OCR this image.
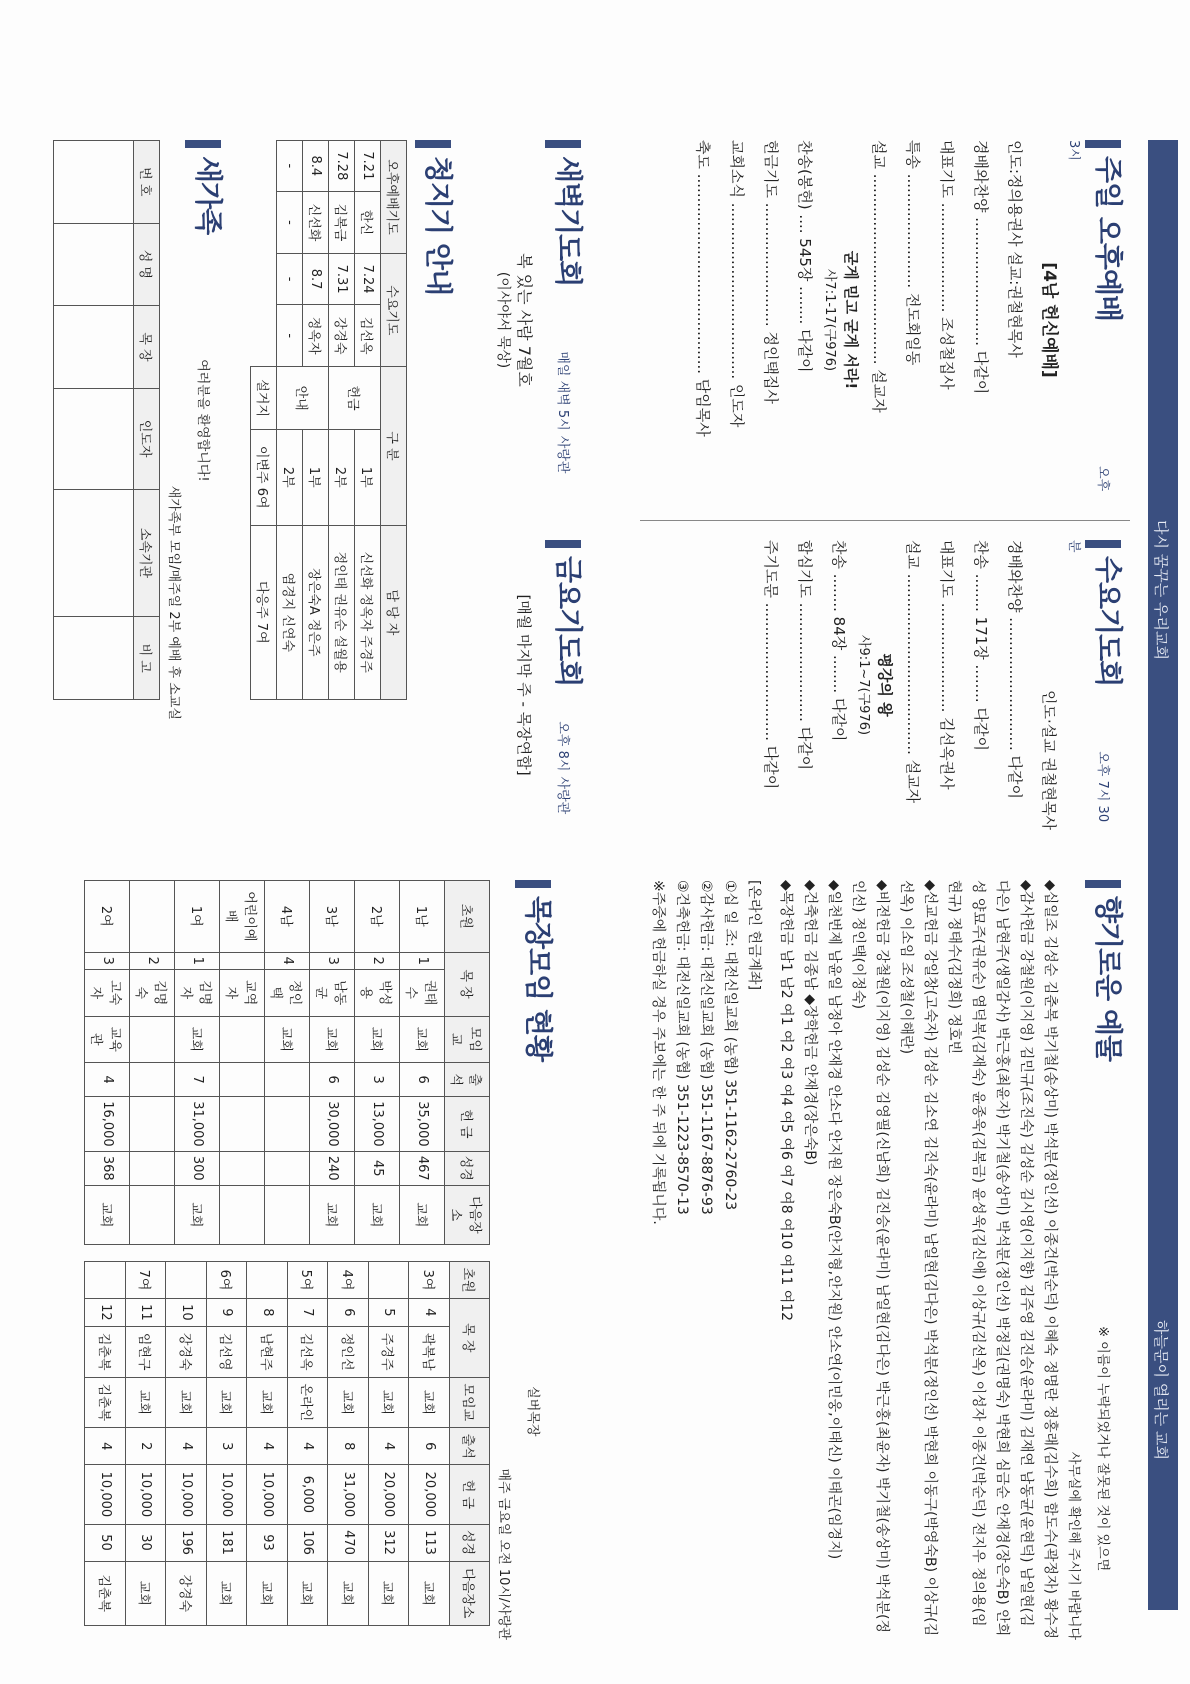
다시 꿈꾸는 우리교회
하늘문이 열리는 교회
주일 오후예배 오후 3시
[4남 헌신예배]
인도:정의용권사 설교:권철현목사
경배와찬양 ........................... 다같이
대표기도 ....................... 조성철집사
특송 ........................ 전도회일동
설교 ........................................ 설교자
굳게 믿고 굳게 서라!
사7:1-17(구976)
찬송(봉헌) .... 545장 ........ 다같이
헌금기도 .......................... 정인택집사
교회소식 ..................................... 인도자
축도 .......................................... 담임목사
새벽기도회 매일 새벽 5시 사랑관
복 있는 사람 7월호
(이사야서 묵상)
청지기 안내
오후예배기도		수요기도		구 분		담 당 자
7.21	한신	7.24	김선옥	헌금	1부	신선화 정옥자 주경주
7.28	김복금	7.31	강경숙		2부	정인태 권유순 설월용
8.4	신선화	8.7	정옥자	안내	1부	장은숙A 정은주
-	-	-	-		2부	염경지 신연숙
				설거지	이변주 6여	다응주 7여
새가족 여러분을 환영합니다!
새가족부 모임/매주일 2부 예배 후 소교실
번 호	성 명	목 장	인도자	소속기관	비 고
						수요기도회 오후 7시 30분
인도·설교 권철현목사
경배와찬양 ............................ 다같이
찬송 ........ 171장 ........ 다같이
대표기도 ....................... 김선옥권사
설교 ...................................... 설교자
평강의 왕
사9:1~7(구976)
찬송 ........ 84장 ........ 다같이
합심기도 ......................... 다같이
주기도문 ............................. 다같이
금요기도회 오후 8시 사랑관
[매월 마지막 주 - 목장연합]
향기로운 예물 ※ 이름이 누락되었거나 잘못된 것이 있으면
사무실에 확인해 주시기 바랍니다

◆십일조 김성순 김춘복 박기철(송상미) 박석분(정인선) 이종건(박순덕) 이혜숙 정명란 정홍래(김수희) 함도수(곽정자) 황수정

◆감사헌금 강철원(이지영) 김민규(조진숙) 김성순 김시영(이지향) 김주영 김진승(윤라미) 김재연 남동균(윤현덕) 남일현(김다은) 남현주(생일감사) 박근홍(최윤자) 박기철(송상미) 박석분(정인선) 박정길(권명숙) 박현희 심금순 안재경(장은숙B) 안희성 양묘주(권유순) 염덕복(김재숙) 윤종욱(김복금) 윤성욱(김신애) 이상규(김선옥) 이성자 이종건(박순덕) 전지우 정의용(임현규) 정태수(김정희) 정호빈

◆선교헌금 강일창(고숙자) 김성순 김소연 김진숙(윤라미) 남일현(김다은) 박석분(정인선) 박현희 이동구(박영숙B) 이상규(김선옥) 이소임 조성철(이해란)

◆비전헌금 강철원(이지영) 김성순 김영필(신남희) 김진승(윤라미) 남일현(김다은) 박근홍(최윤자) 박기철(송상미) 박석분(정인선) 정인택(이정숙)

◆일천번제 남윤일 남정아 안재경 안소다 안지원 장은숙B(안지형,안지원) 안소연(이민웅,이태신) 이태곤(임경지)

◆건축헌금 김종남 ◆장학헌금 안재경(장은숙B)

◆목장헌금 남1 남2 여1 여2 여3 여4 여5 여6 여7 여8 여10 여11 여12

[온라인 헌금계좌]

①십 일 조: 대전신일교회 (농협) 351-1162-2760-23

②감사헌금: 대전신일교회 (농협) 351-1167-8876-93

③건축헌금: 대전신일교회 (농협) 351-1223-8570-13

※주중에 헌금하실 경우 주보에는 한 주 뒤에 기록됩니다.

목장모임 현황 실버목장
매주 금요일 오전 10시/사랑관
초원	목 장		모임교	출석	헌 금	성경	다음장소
1남	1	권태수	교회	6	35,000	467	교회
2남	2	박성용	교회	3	13,000	45	교회
3남	3	남동균	교회	6	30,000	240	교회
4남	4	정인택	교회				
어린이예배		교역자					
1여	1	김명자	교회	7	31,000	300	교회
	2	김명숙					
2여	3	고숙자	교육관	4	16,000	368	교회
초원	목 장		모임교	출석	헌 금	성경	다음장소
3여	4	곽복남	교회	6	20,000	113	교회
	5	주경주	교회	4	20,000	312	교회
4여	6	정인선	교회	8	31,000	470	교회
5여	7	김선옥	온라인	4	6,000	106	교회
	8	남현주	교회	4	10,000	93	교회
6여	9	김선영	교회	3	10,000	181	교회
	10	강경숙	교회	4	10,000	196	강경숙
7여	11	임현구	교회	2	10,000	30	교회
	12	김춘복	김춘복	4	10,000	50	김춘복
